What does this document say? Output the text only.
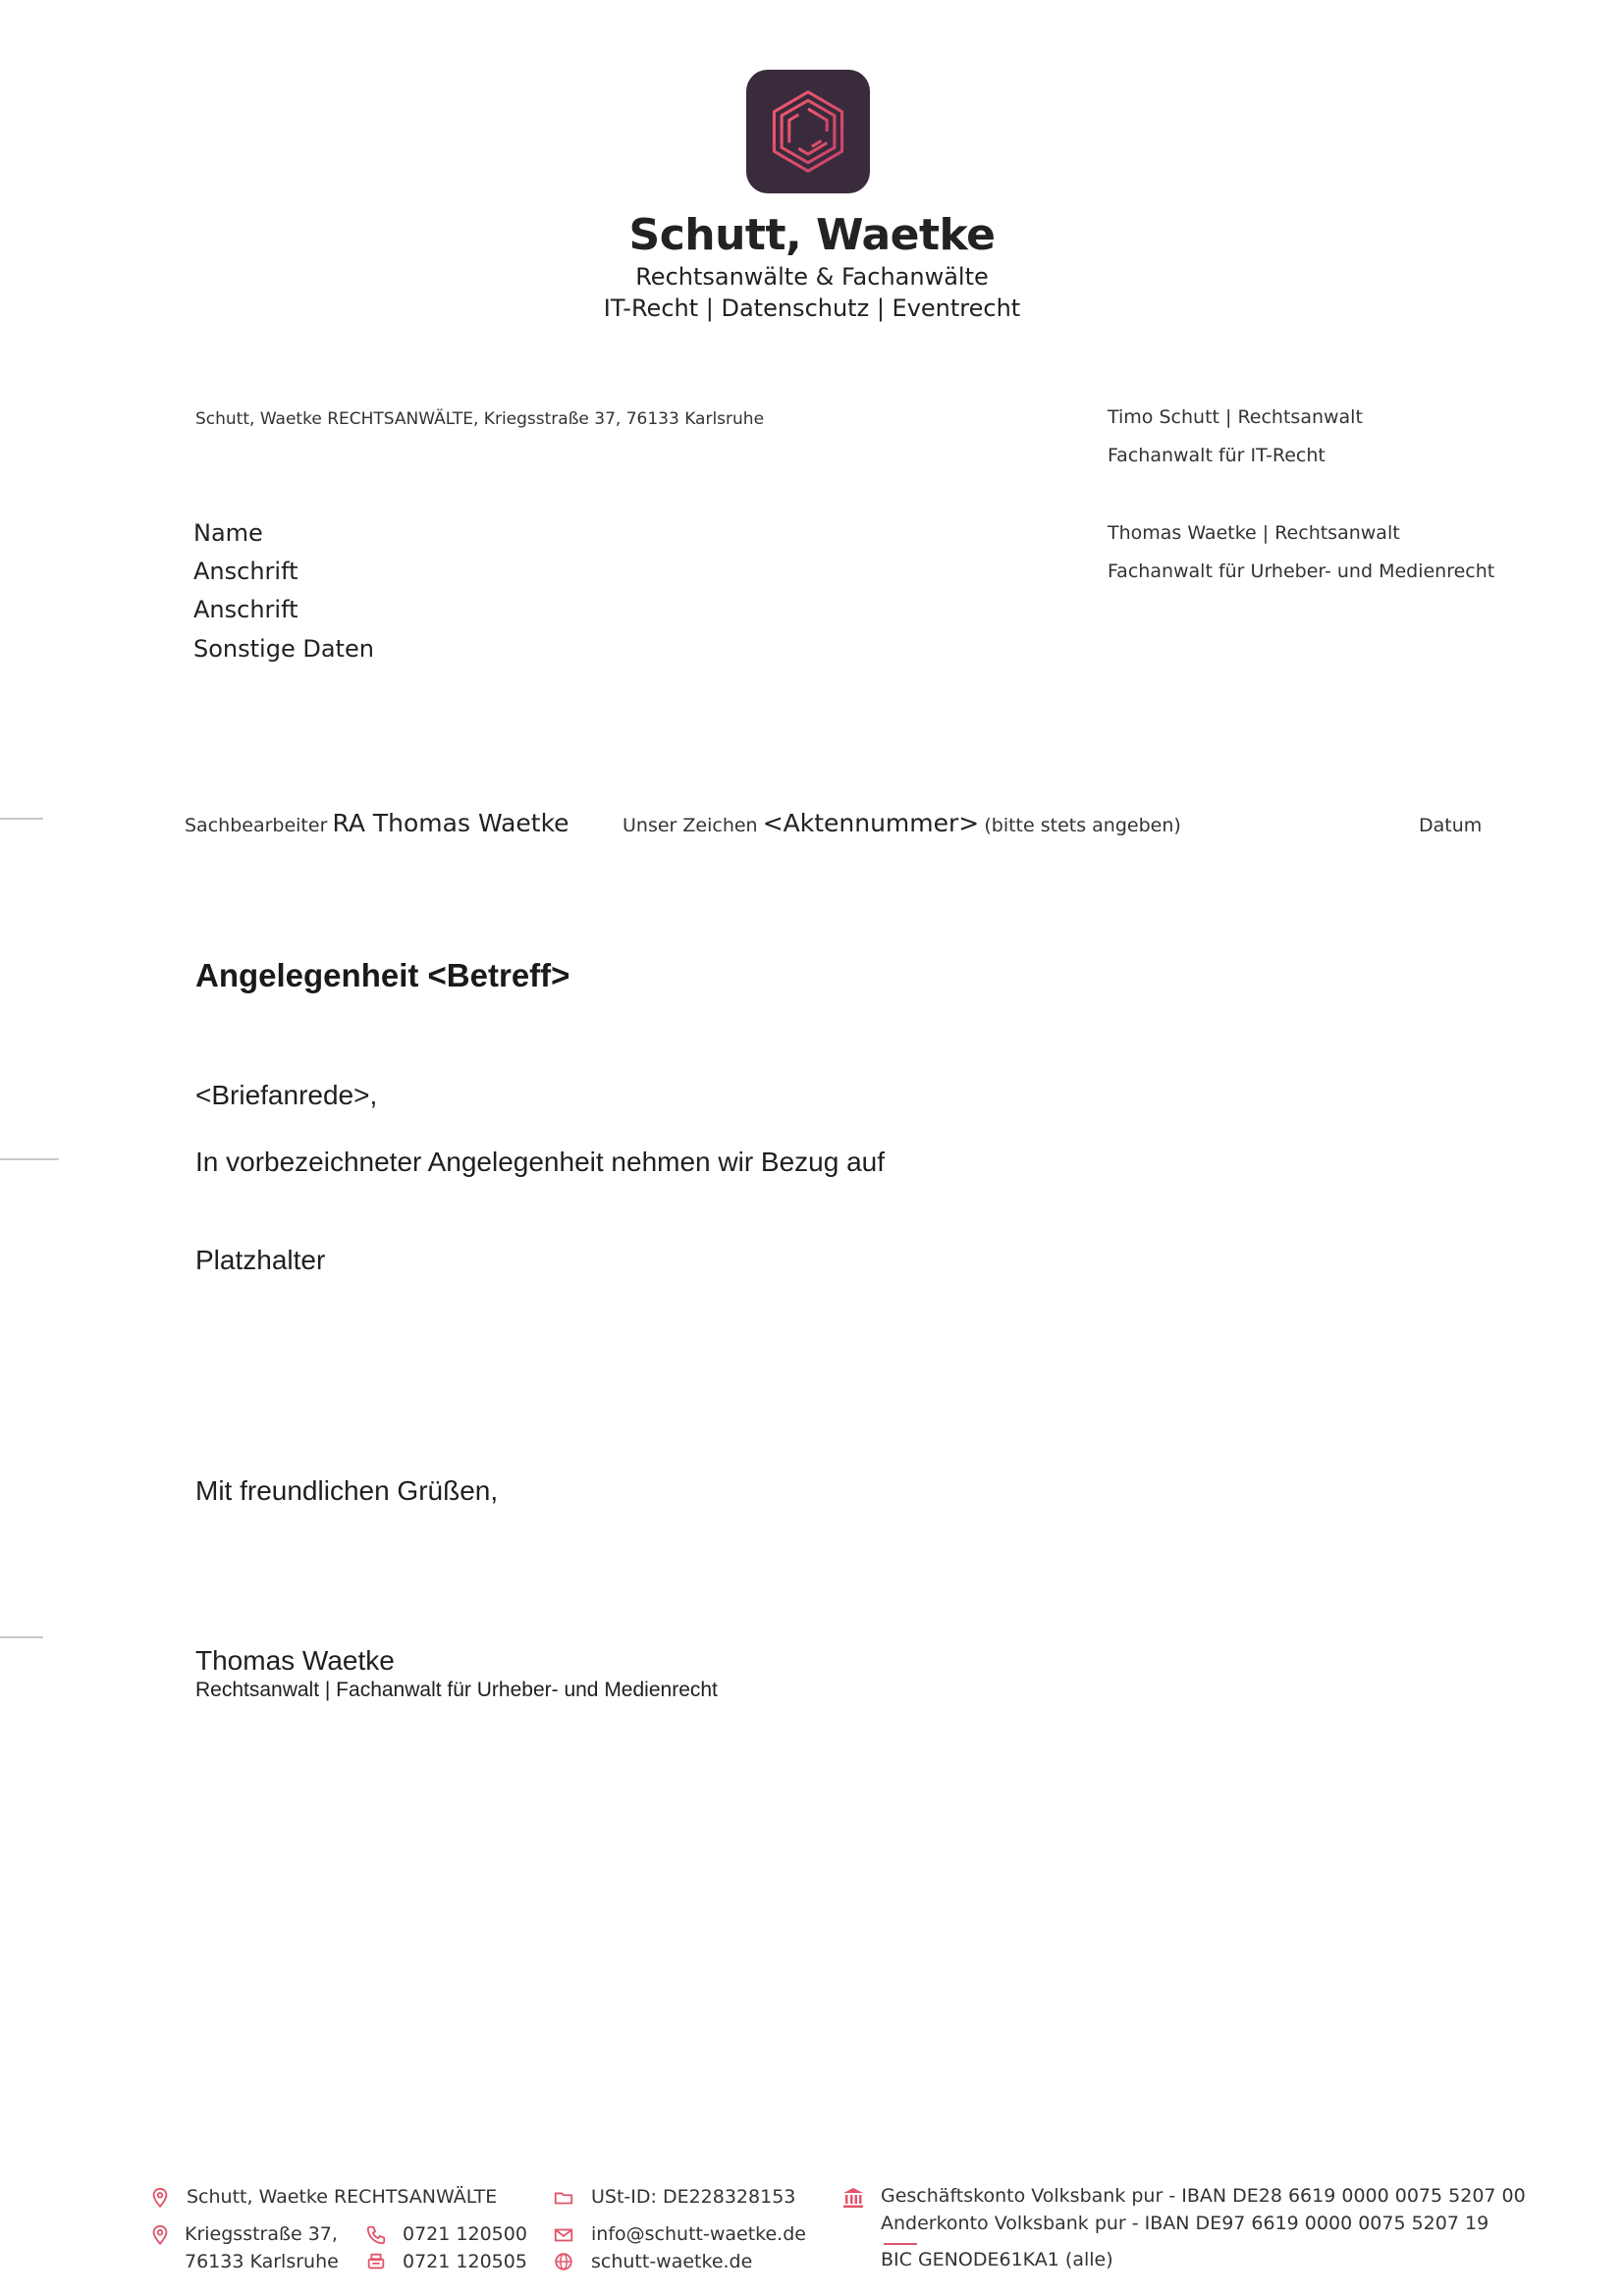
Schutt, Waetke
Rechtsanwälte & Fachanwälte
IT-Recht | Datenschutz | Eventrecht
Schutt, Waetke RECHTSANWÄLTE, Kriegsstraße 37, 76133 Karlsruhe	Timo Schutt | Rechtsanwalt
Fachanwalt für IT-Recht
Thomas Waetke | Rechtsanwalt
Fachanwalt für Urheber- und Medienrecht
Name
Anschrift
Anschrift
Sonstige Daten
Sachbearbeiter RA Thomas Waetke	Unser Zeichen <Aktennummer> (bitte stets angeben)	Datum
Angelegenheit <Betreff>
<Briefanrede>,
In vorbezeichneter Angelegenheit nehmen wir Bezug auf
Platzhalter
Mit freundlichen Grüßen,
Thomas Waetke
Rechtsanwalt | Fachanwalt für Urheber- und Medienrecht
Schutt, Waetke RECHTSANWÄLTE
Kriegsstraße 37,
76133 Karlsruhe
0721 120500
0721 120505
USt-ID: DE228328153
info@schutt-waetke.de
schutt-waetke.de
Geschäftskonto Volksbank pur - IBAN DE28 6619 0000 0075 5207 00
Anderkonto Volksbank pur - IBAN DE97 6619 0000 0075 5207 19
BIC GENODE61KA1 (alle)
